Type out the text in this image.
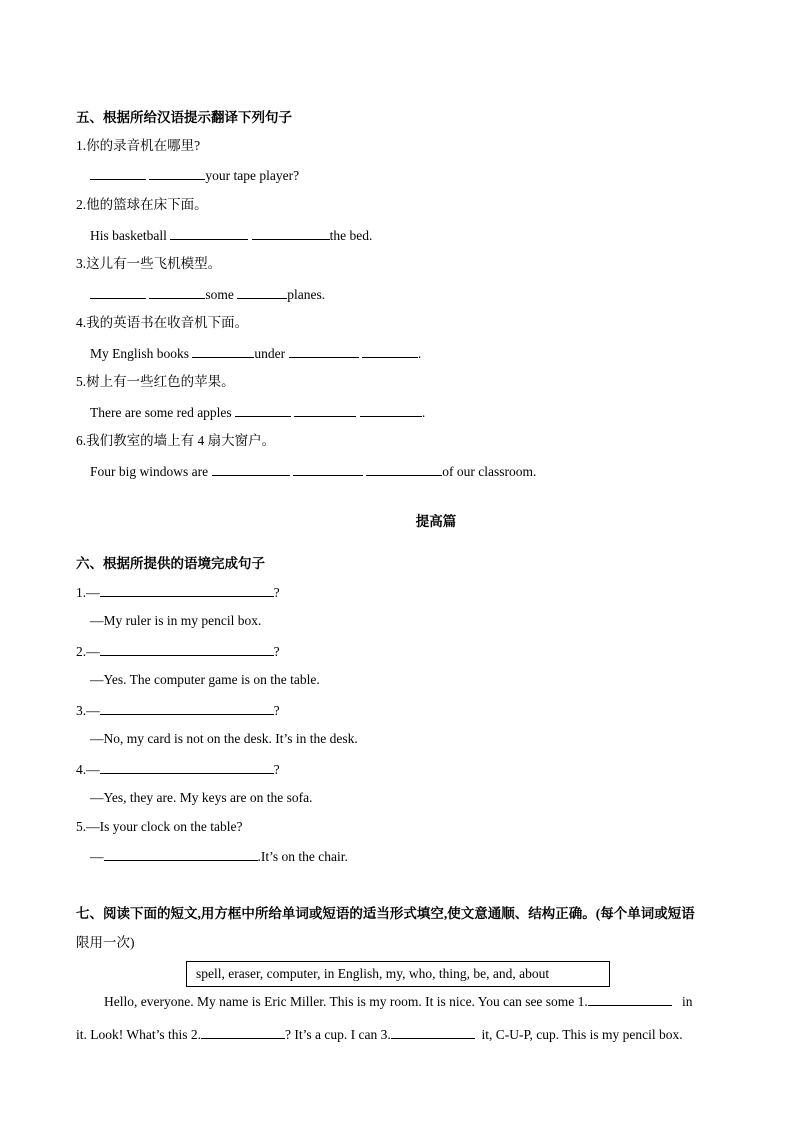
五、根据所给汉语提示翻译下列句子
1.你的录音机在哪里?
your tape player?
2.他的篮球在床下面。
His basketball	the bed.
3.这儿有一些飞机模型。
some	planes.
4.我的英语书在收音机下面。
My English books	under	.
5.树上有一些红色的苹果。
There are some red apples	.
6.我们教室的墙上有 4 扇大窗户。
Four big windows are	of our classroom.
提高篇
六、根据所提供的语境完成句子
1.—	?
—My ruler is in my pencil box.
2.—	?
—Yes. The computer game is on the table.
3.—	?
—No, my card is not on the desk. It’s in the desk.
4.—	?
—Yes, they are. My keys are on the sofa.
5.—Is your clock on the table?
—	.It’s on the chair.
七、阅读下面的短文,用方框中所给单词或短语的适当形式填空,使文意通顺、结构正确。(每个单词或短语
限用一次)
spell, eraser, computer, in English, my, who, thing, be, and, about
Hello, everyone. My name is Eric Miller. This is my room. It is nice. You can see some 1.	in
it. Look! What’s this 2.	? It’s a cup. I can 3.	it, C-U-P, cup. This is my pencil box.
